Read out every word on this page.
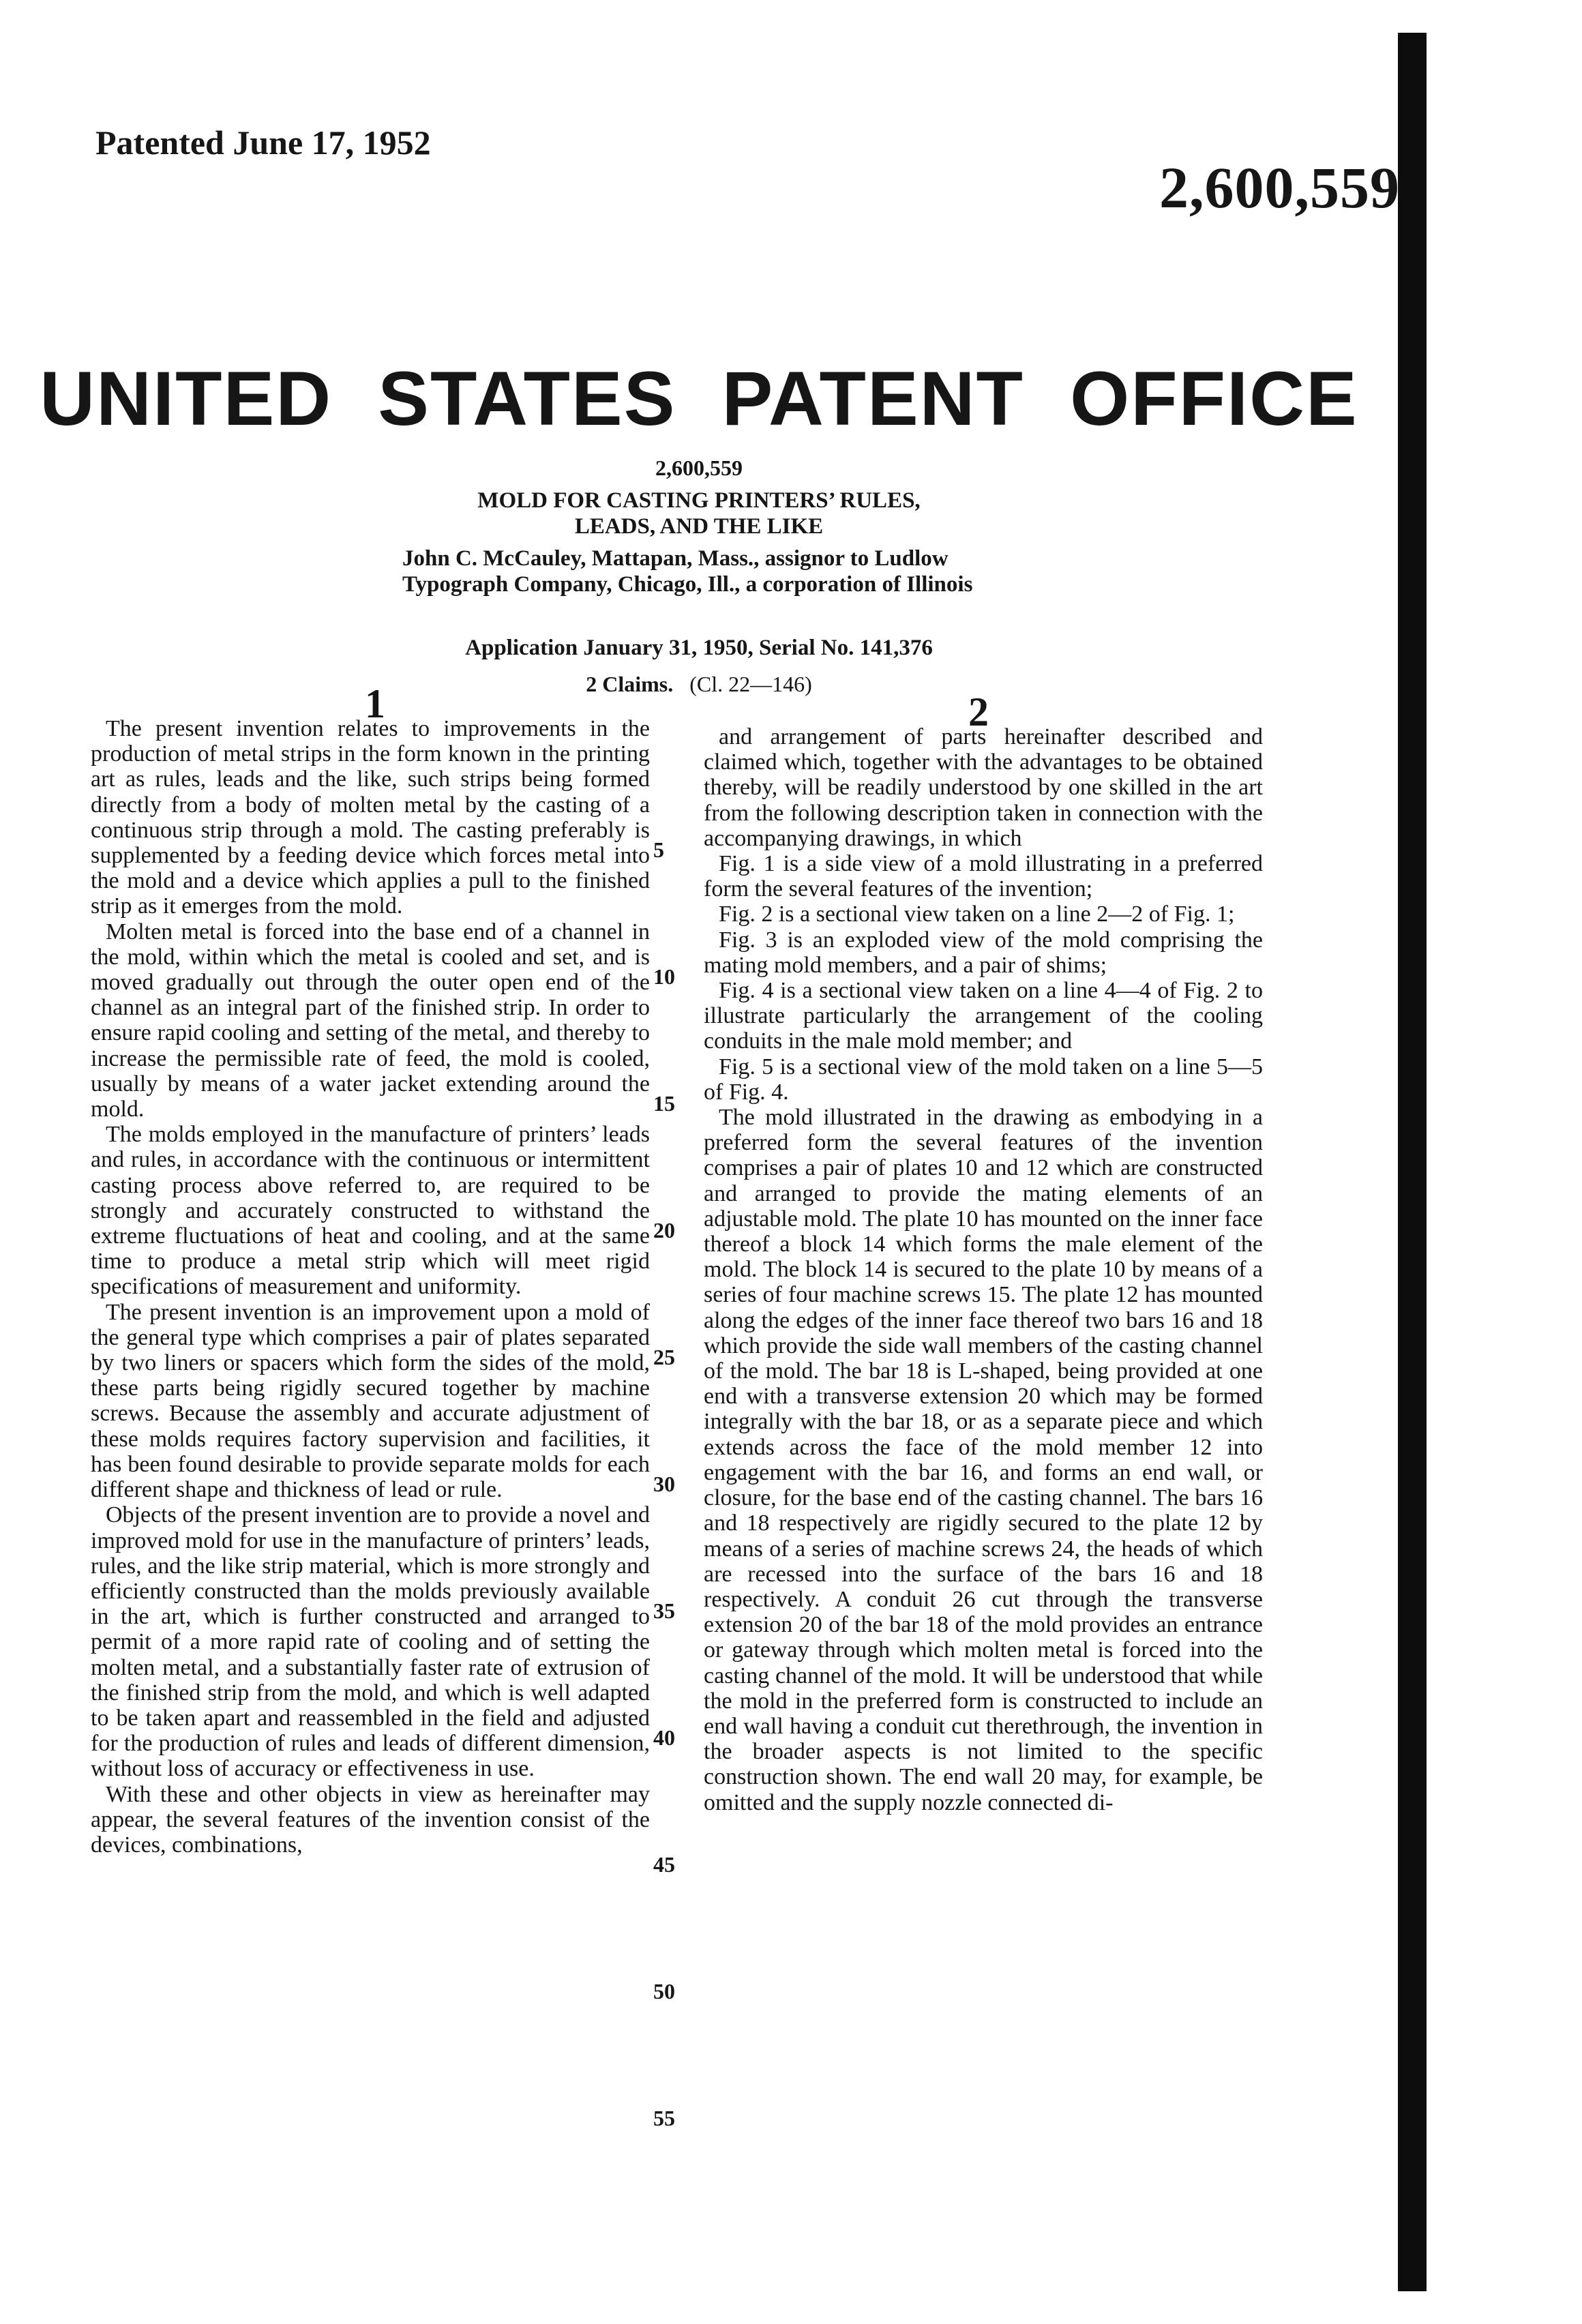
Patented June 17, 1952
2,600,559
UNITED STATES PATENT OFFICE
2,600,559
MOLD FOR CASTING PRINTERS’ RULES,
LEADS, AND THE LIKE
John C. McCauley, Mattapan, Mass., assignor to Ludlow Typograph Company, Chicago, Ill., a corporation of Illinois
Application January 31, 1950, Serial No. 141,376
2 Claims. (Cl. 22—146)
1	2

The present invention relates to improvements in the production of metal strips in the form known in the printing art as rules, leads and the like, such strips being formed directly from a body of molten metal by the casting of a continuous strip through a mold. The casting preferably is supplemented by a feeding device which forces metal into the mold and a device which applies a pull to the finished strip as it emerges from the mold.

Molten metal is forced into the base end of a channel in the mold, within which the metal is cooled and set, and is moved gradually out through the outer open end of the channel as an integral part of the finished strip. In order to ensure rapid cooling and setting of the metal, and thereby to increase the permissible rate of feed, the mold is cooled, usually by means of a water jacket extending around the mold.

The molds employed in the manufacture of printers’ leads and rules, in accordance with the continuous or intermittent casting process above referred to, are required to be strongly and accurately constructed to withstand the extreme fluctuations of heat and cooling, and at the same time to produce a metal strip which will meet rigid specifications of measurement and uniformity.

The present invention is an improvement upon a mold of the general type which comprises a pair of plates separated by two liners or spacers which form the sides of the mold, these parts being rigidly secured together by machine screws. Because the assembly and accurate adjustment of these molds requires factory supervision and facilities, it has been found desirable to provide separate molds for each different shape and thickness of lead or rule.

Objects of the present invention are to provide a novel and improved mold for use in the manufacture of printers’ leads, rules, and the like strip material, which is more strongly and efficiently constructed than the molds previously available in the art, which is further constructed and arranged to permit of a more rapid rate of cooling and of setting the molten metal, and a substantially faster rate of extrusion of the finished strip from the mold, and which is well adapted to be taken apart and reassembled in the field and adjusted for the production of rules and leads of different dimension, without loss of accuracy or effectiveness in use.

With these and other objects in view as hereinafter may appear, the several features of the invention consist of the devices, combinations,

5
10
15
20
25
30
35
40
45
50
55

and arrangement of parts hereinafter described and claimed which, together with the advantages to be obtained thereby, will be readily understood by one skilled in the art from the following description taken in connection with the accompanying drawings, in which

Fig. 1 is a side view of a mold illustrating in a preferred form the several features of the invention;

Fig. 2 is a sectional view taken on a line 2—2 of Fig. 1;

Fig. 3 is an exploded view of the mold comprising the mating mold members, and a pair of shims;

Fig. 4 is a sectional view taken on a line 4—4 of Fig. 2 to illustrate particularly the arrangement of the cooling conduits in the male mold member; and

Fig. 5 is a sectional view of the mold taken on a line 5—5 of Fig. 4.

The mold illustrated in the drawing as embodying in a preferred form the several features of the invention comprises a pair of plates 10 and 12 which are constructed and arranged to provide the mating elements of an adjustable mold. The plate 10 has mounted on the inner face thereof a block 14 which forms the male element of the mold. The block 14 is secured to the plate 10 by means of a series of four machine screws 15. The plate 12 has mounted along the edges of the inner face thereof two bars 16 and 18 which provide the side wall members of the casting channel of the mold. The bar 18 is L-shaped, being provided at one end with a transverse extension 20 which may be formed integrally with the bar 18, or as a separate piece and which extends across the face of the mold member 12 into engagement with the bar 16, and forms an end wall, or closure, for the base end of the casting channel. The bars 16 and 18 respectively are rigidly secured to the plate 12 by means of a series of machine screws 24, the heads of which are recessed into the surface of the bars 16 and 18 respectively. A conduit 26 cut through the transverse extension 20 of the bar 18 of the mold provides an entrance or gateway through which molten metal is forced into the casting channel of the mold. It will be understood that while the mold in the preferred form is constructed to include an end wall having a conduit cut therethrough, the invention in the broader aspects is not limited to the specific construction shown. The end wall 20 may, for example, be omitted and the supply nozzle connected di-
